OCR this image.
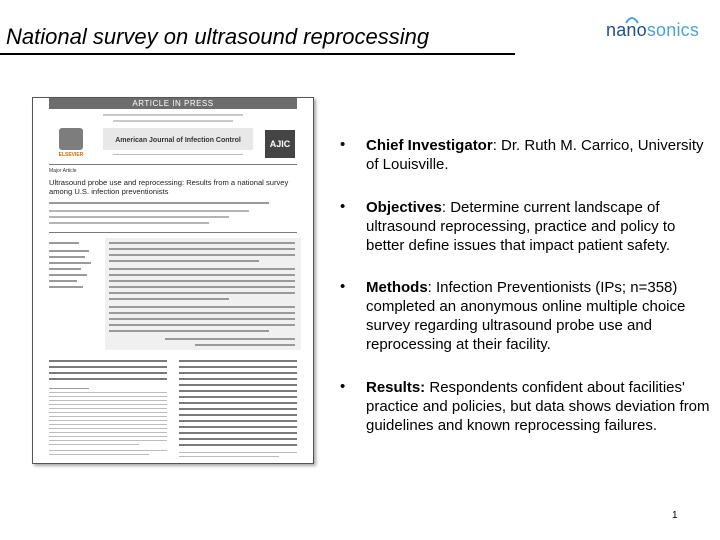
National survey on ultrasound reprocessing	nanosonics
ARTICLE IN PRESS
ELSEVIER
American Journal of Infection Control	AJIC
Major Article
Ultrasound probe use and reprocessing: Results from a national survey among U.S. infection preventionists
•	Chief Investigator: Dr. Ruth M. Carrico, University of Louisville.
•	Objectives: Determine current landscape of ultrasound reprocessing, practice and policy to better define issues that impact patient safety.
•	Methods: Infection Preventionists (IPs; n=358) completed an anonymous online multiple choice survey regarding ultrasound probe use and reprocessing at their facility.
•	Results: Respondents confident about facilities' practice and policies, but data shows deviation from guidelines and known reprocessing failures.
1
